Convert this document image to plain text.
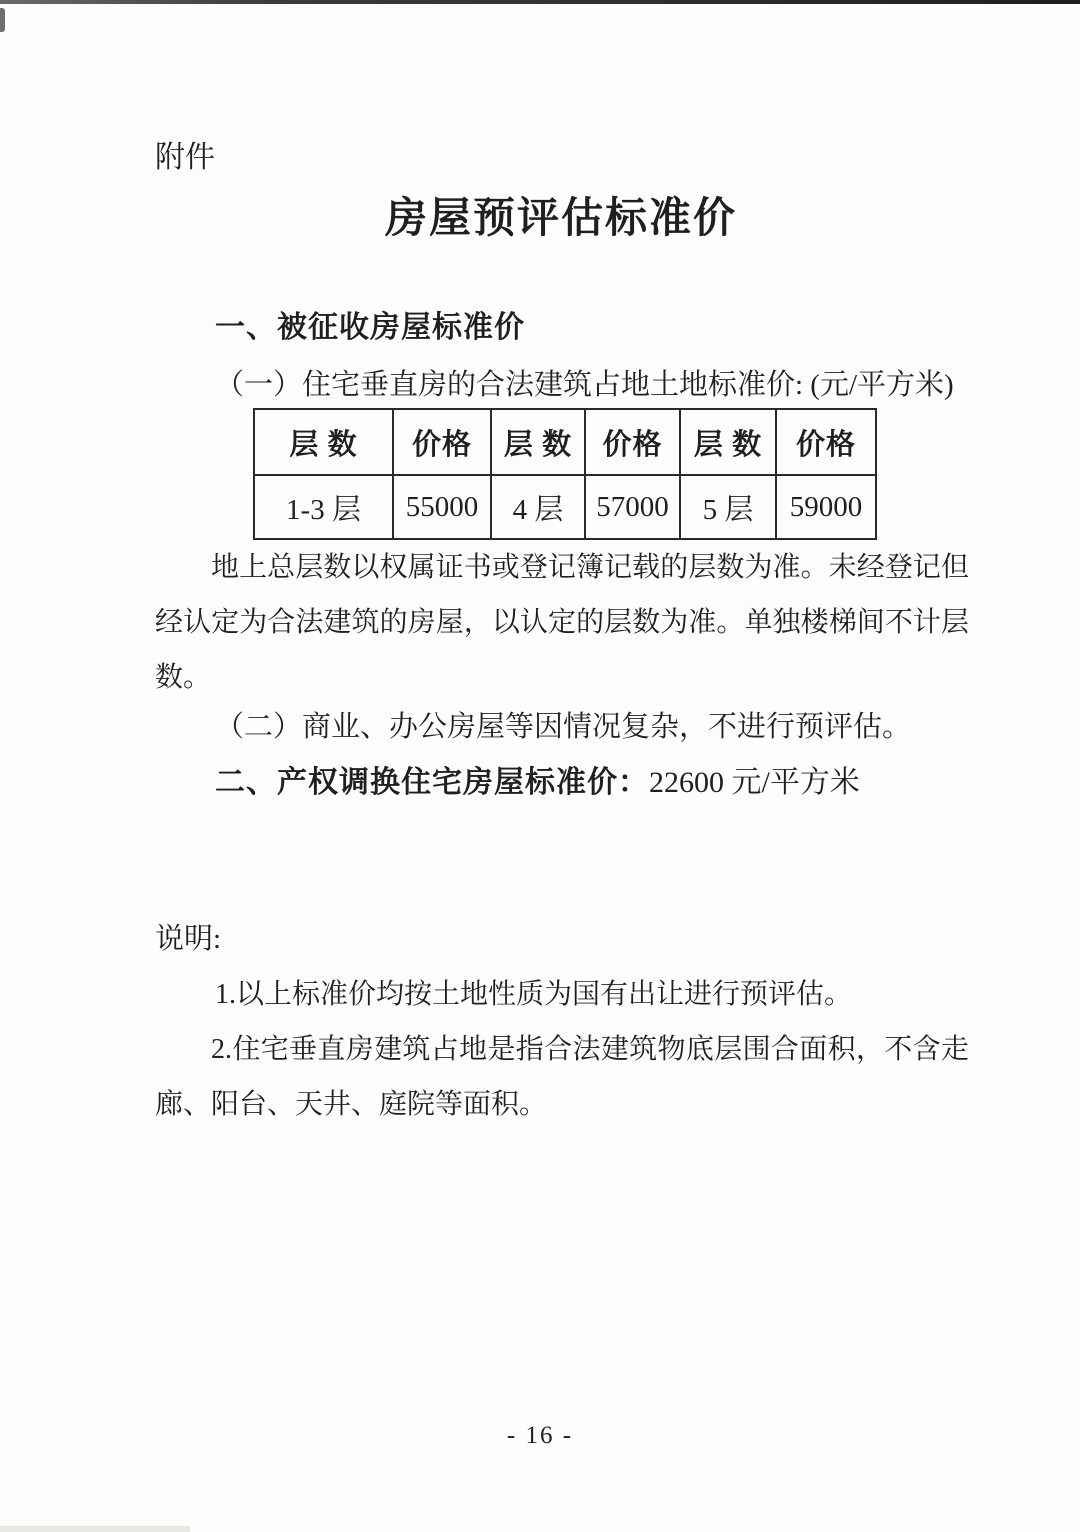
附件
房屋预评估标准价
一、被征收房屋标准价
（一）住宅垂直房的合法建筑占地土地标准价: (元/平方米)
层 数	价格	层 数	价格	层 数	价格
1-3 层	55000	4 层	57000	5 层	59000
地上总层数以权属证书或登记簿记载的层数为准。未经登记但经认定为合法建筑的房屋，以认定的层数为准。单独楼梯间不计层数。
（二）商业、办公房屋等因情况复杂，不进行预评估。
二、产权调换住宅房屋标准价：22600 元/平方米
说明:
1.以上标准价均按土地性质为国有出让进行预评估。
2.住宅垂直房建筑占地是指合法建筑物底层围合面积，不含走廊、阳台、天井、庭院等面积。
- 16 -
